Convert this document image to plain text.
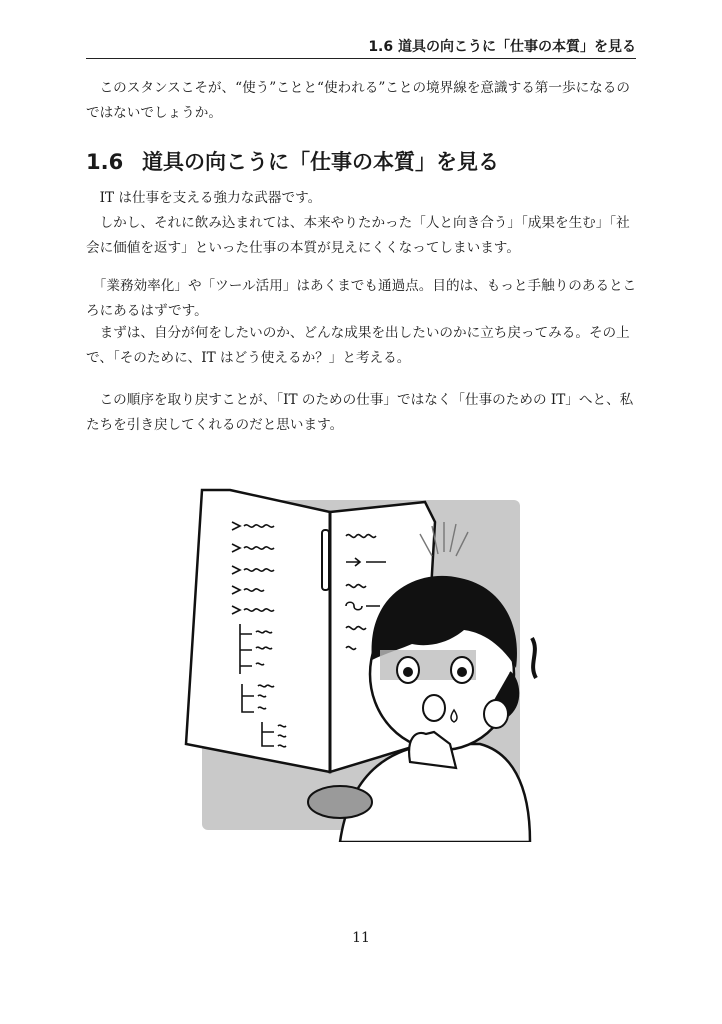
1.6 道具の向こうに「仕事の本質」を見る

　このスタンスこそが、“使う”ことと“使われる”ことの境界線を意識する第一歩になるのではないでしょうか。

1.6 道具の向こうに「仕事の本質」を見る

　IT は仕事を支える強力な武器です。

　しかし、それに飲み込まれては、本来やりたかった「人と向き合う」「成果を生む」「社会に価値を返す」といった仕事の本質が見えにくくなってしまいます。

　「業務効率化」や「ツール活用」はあくまでも通過点。目的は、もっと手触りのあるところにあるはずです。

　まずは、自分が何をしたいのか、どんな成果を出したいのかに立ち戻ってみる。その上で、「そのために、IT はどう使えるか？」と考える。

　この順序を取り戻すことが、「IT のための仕事」ではなく「仕事のための IT」へと、私たちを引き戻してくれるのだと思います。

11
